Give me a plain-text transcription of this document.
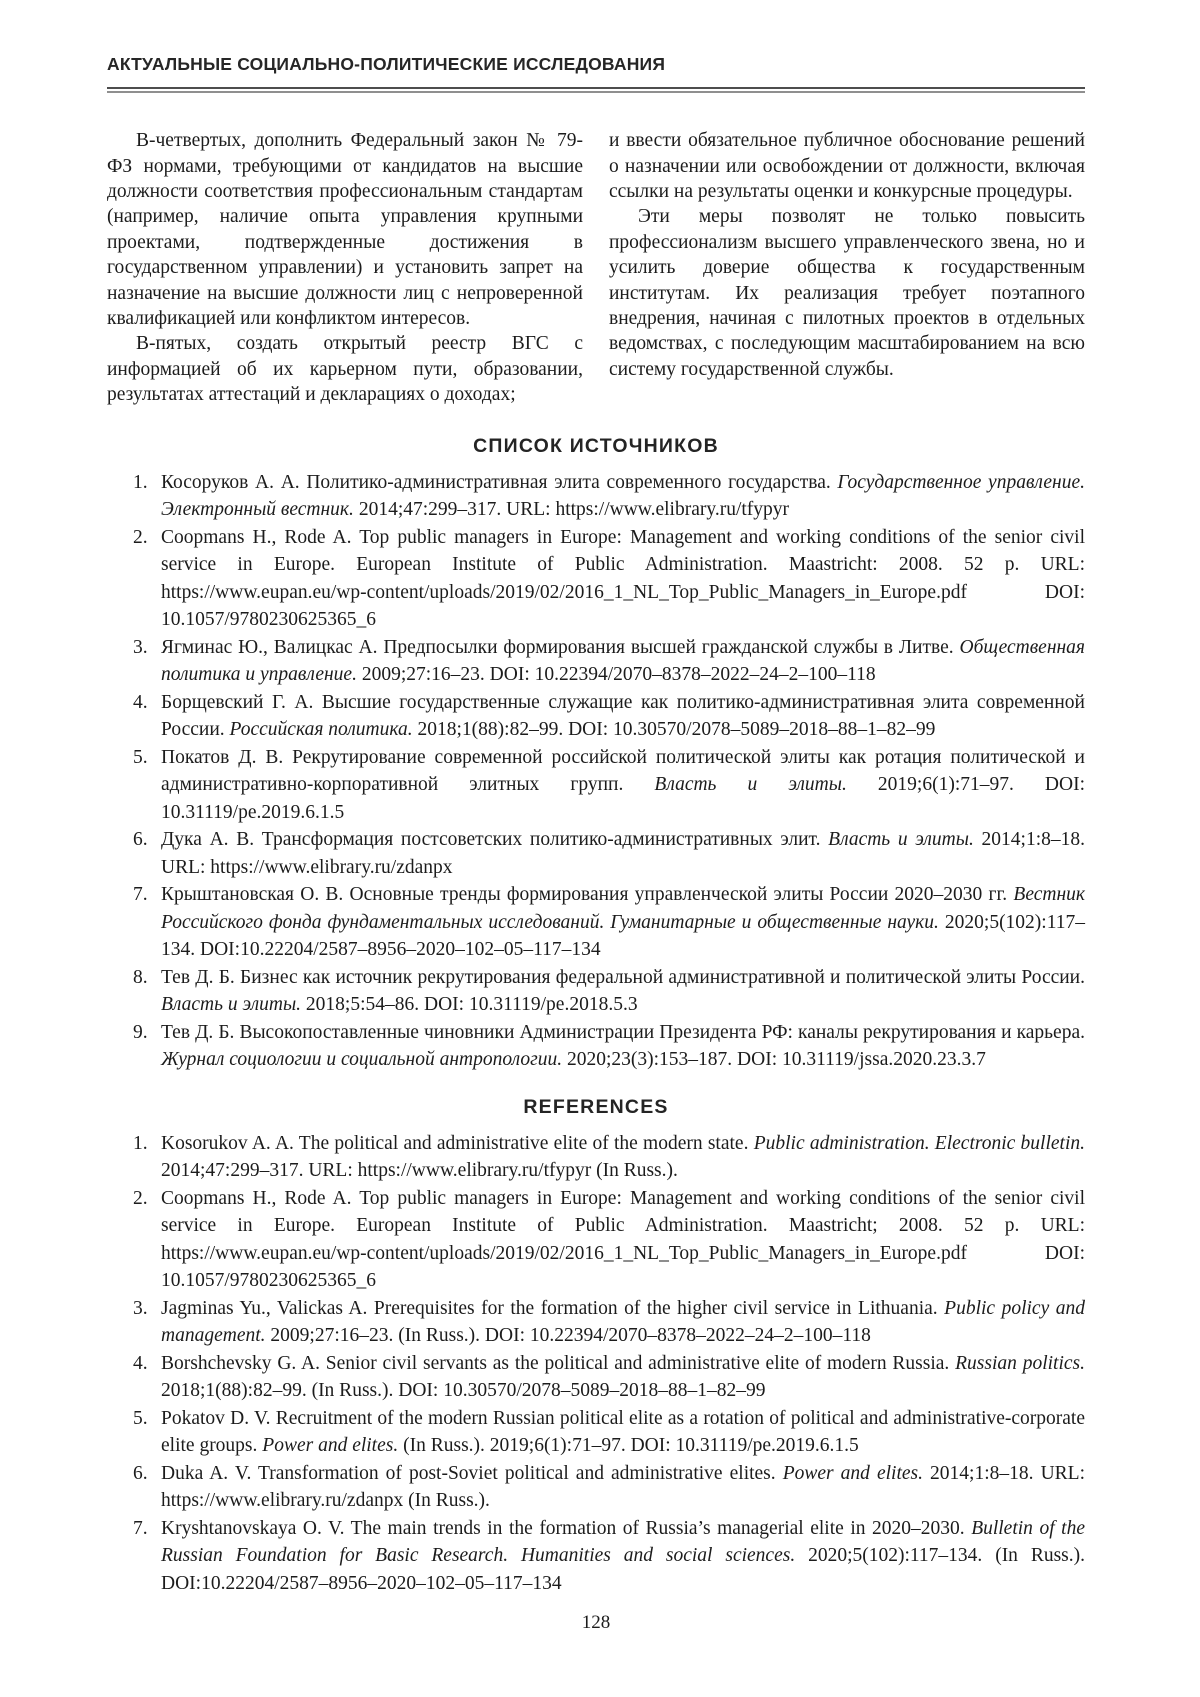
АКТУАЛЬНЫЕ СОЦИАЛЬНО-ПОЛИТИЧЕСКИЕ ИССЛЕДОВАНИЯ

В-четвертых, дополнить Федеральный закон № 79-ФЗ нормами, требующими от кандидатов на высшие должности соответствия профессиональным стандартам (например, наличие опыта управления крупными проектами, подтвержденные достижения в государственном управлении) и установить запрет на назначение на высшие должности лиц с непроверенной квалификацией или конфликтом интересов.

В-пятых, создать открытый реестр ВГС с информацией об их карьерном пути, образовании, результатах аттестаций и декларациях о доходах;

и ввести обязательное публичное обоснование решений о назначении или освобождении от должности, включая ссылки на результаты оценки и конкурсные процедуры.

Эти меры позволят не только повысить профессионализм высшего управленческого звена, но и усилить доверие общества к государственным институтам. Их реализация требует поэтапного внедрения, начиная с пилотных проектов в отдельных ведомствах, с последующим масштабированием на всю систему государственной службы.

СПИСОК ИСТОЧНИКОВ
1. Косоруков А. А. Политико-административная элита современного государства. Государственное управление. Электронный вестник. 2014;47:299–317. URL: https://www.elibrary.ru/tfypyr
2. Coopmans H., Rode A. Top public managers in Europe: Management and working conditions of the senior civil service in Europe. European Institute of Public Administration. Maastricht: 2008. 52 p. URL: https://www.eupan.eu/wp-content/uploads/2019/02/2016_1_NL_Top_Public_Managers_in_Europe.pdf DOI: 10.1057/9780230625365_6
3. Ягминас Ю., Валицкас А. Предпосылки формирования высшей гражданской службы в Литве. Общественная политика и управление. 2009;27:16–23. DOI: 10.22394/2070–8378–2022–24–2–100–118
4. Борщевский Г. А. Высшие государственные служащие как политико-административная элита современной России. Российская политика. 2018;1(88):82–99. DOI: 10.30570/2078–5089–2018–88–1–82–99
5. Покатов Д. В. Рекрутирование современной российской политической элиты как ротация политической и административно-корпоративной элитных групп. Власть и элиты. 2019;6(1):71–97. DOI: 10.31119/pe.2019.6.1.5
6. Дука А. В. Трансформация постсоветских политико-административных элит. Власть и элиты. 2014;1:8–18. URL: https://www.elibrary.ru/zdanpx
7. Крыштановская О. В. Основные тренды формирования управленческой элиты России 2020–2030 гг. Вестник Российского фонда фундаментальных исследований. Гуманитарные и общественные науки. 2020;5(102):117–134. DOI:10.22204/2587–8956–2020–102–05–117–134
8. Тев Д. Б. Бизнес как источник рекрутирования федеральной административной и политической элиты России. Власть и элиты. 2018;5:54–86. DOI: 10.31119/pe.2018.5.3
9. Тев Д. Б. Высокопоставленные чиновники Администрации Президента РФ: каналы рекрутирования и карьера. Журнал социологии и социальной антропологии. 2020;23(3):153–187. DOI: 10.31119/jssa.2020.23.3.7
REFERENCES
1. Kosorukov A. A. The political and administrative elite of the modern state. Public administration. Electronic bulletin. 2014;47:299–317. URL: https://www.elibrary.ru/tfypyr (In Russ.).
2. Coopmans H., Rode A. Top public managers in Europe: Management and working conditions of the senior civil service in Europe. European Institute of Public Administration. Maastricht; 2008. 52 p. URL: https://www.eupan.eu/wp-content/uploads/2019/02/2016_1_NL_Top_Public_Managers_in_Europe.pdf DOI: 10.1057/9780230625365_6
3. Jagminas Yu., Valickas A. Prerequisites for the formation of the higher civil service in Lithuania. Public policy and management. 2009;27:16–23. (In Russ.). DOI: 10.22394/2070–8378–2022–24–2–100–118
4. Borshchevsky G. A. Senior civil servants as the political and administrative elite of modern Russia. Russian politics. 2018;1(88):82–99. (In Russ.). DOI: 10.30570/2078–5089–2018–88–1–82–99
5. Pokatov D. V. Recruitment of the modern Russian political elite as a rotation of political and administrative-corporate elite groups. Power and elites. (In Russ.). 2019;6(1):71–97. DOI: 10.31119/pe.2019.6.1.5
6. Duka A. V. Transformation of post-Soviet political and administrative elites. Power and elites. 2014;1:8–18. URL: https://www.elibrary.ru/zdanpx (In Russ.).
7. Kryshtanovskaya O. V. The main trends in the formation of Russia’s managerial elite in 2020–2030. Bulletin of the Russian Foundation for Basic Research. Humanities and social sciences. 2020;5(102):117–134. (In Russ.). DOI:10.22204/2587–8956–2020–102–05–117–134
128
